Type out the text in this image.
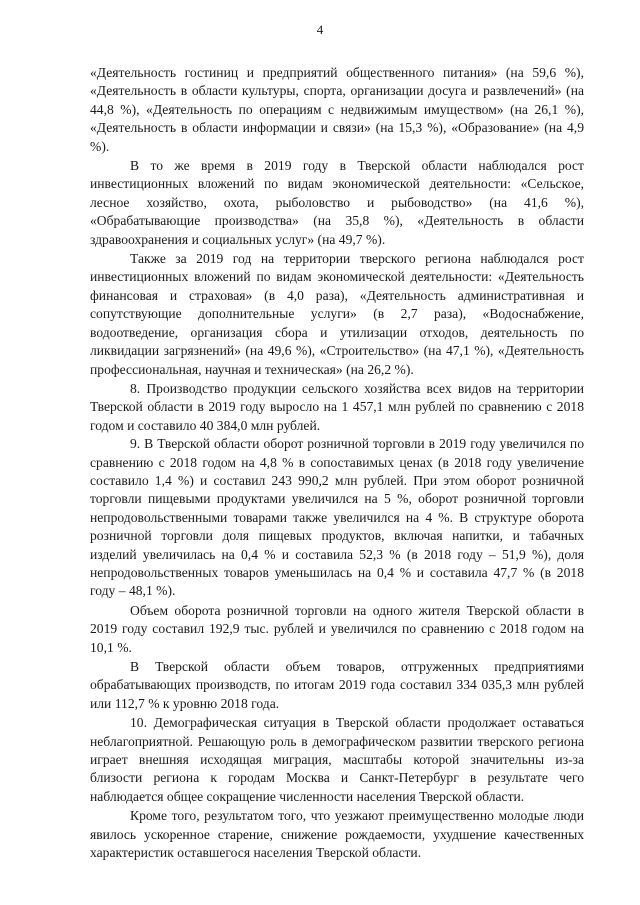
4

«Деятельность гостиниц и предприятий общественного питания» (на 59,6 %), «Деятельность в области культуры, спорта, организации досуга и развлечений» (на 44,8 %), «Деятельность по операциям с недвижимым имуществом» (на 26,1 %), «Деятельность в области информации и связи» (на 15,3 %), «Образование» (на 4,9 %).

В то же время в 2019 году в Тверской области наблюдался рост инвестиционных вложений по видам экономической деятельности: «Сельское, лесное хозяйство, охота, рыболовство и рыбоводство» (на 41,6 %), «Обрабатывающие производства» (на 35,8 %), «Деятельность в области здравоохранения и социальных услуг» (на 49,7 %).

Также за 2019 год на территории тверского региона наблюдался рост инвестиционных вложений по видам экономической деятельности: «Деятельность финансовая и страховая» (в 4,0 раза), «Деятельность административная и сопутствующие дополнительные услуги» (в 2,7 раза), «Водоснабжение, водоотведение, организация сбора и утилизации отходов, деятельность по ликвидации загрязнений» (на 49,6 %), «Строительство» (на 47,1 %), «Деятельность профессиональная, научная и техническая» (на 26,2 %).

8. Производство продукции сельского хозяйства всех видов на территории Тверской области в 2019 году выросло на 1 457,1 млн рублей по сравнению с 2018 годом и составило 40 384,0 млн рублей.

9. В Тверской области оборот розничной торговли в 2019 году увеличился по сравнению с 2018 годом на 4,8 % в сопоставимых ценах (в 2018 году увеличение составило 1,4 %) и составил 243 990,2 млн рублей. При этом оборот розничной торговли пищевыми продуктами увеличился на 5 %, оборот розничной торговли непродовольственными товарами также увеличился на 4 %. В структуре оборота розничной торговли доля пищевых продуктов, включая напитки, и табачных изделий увеличилась на 0,4 % и составила 52,3 % (в 2018 году – 51,9 %), доля непродовольственных товаров уменьшилась на 0,4 % и составила 47,7 % (в 2018 году – 48,1 %).

Объем оборота розничной торговли на одного жителя Тверской области в 2019 году составил 192,9 тыс. рублей и увеличился по сравнению с 2018 годом на 10,1 %.

В Тверской области объем товаров, отгруженных предприятиями обрабатывающих производств, по итогам 2019 года составил 334 035,3 млн рублей или 112,7 % к уровню 2018 года.

10. Демографическая ситуация в Тверской области продолжает оставаться неблагоприятной. Решающую роль в демографическом развитии тверского региона играет внешняя исходящая миграция, масштабы которой значительны из-за близости региона к городам Москва и Санкт-Петербург в результате чего наблюдается общее сокращение численности населения Тверской области.

Кроме того, результатом того, что уезжают преимущественно молодые люди явилось ускоренное старение, снижение рождаемости, ухудшение качественных характеристик оставшегося населения Тверской области.
